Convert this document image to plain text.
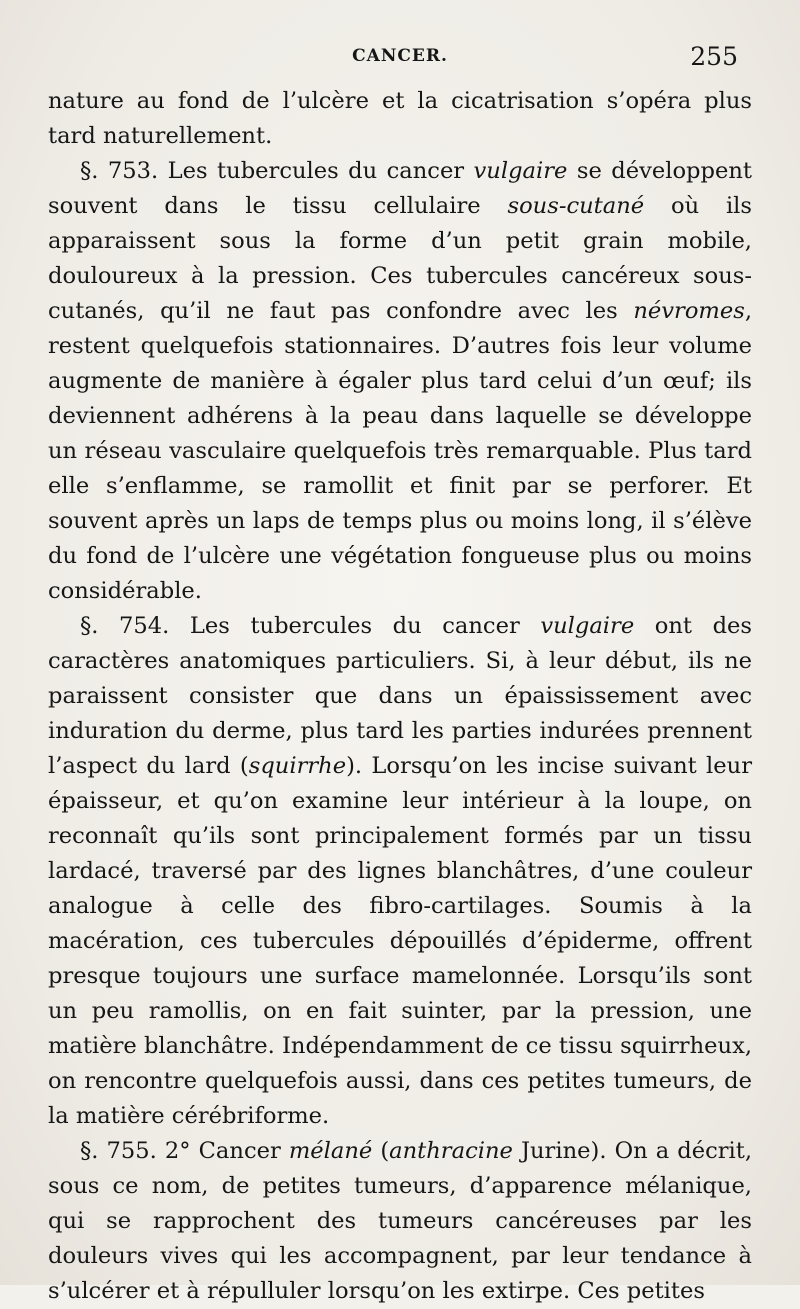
CANCER.	255

nature au fond de l’ulcère et la cicatrisation s’opéra plus tard naturellement.

§. 753. Les tubercules du cancer vulgaire se développent souvent dans le tissu cellulaire sous-cutané où ils apparaissent sous la forme d’un petit grain mobile, douloureux à la pression. Ces tubercules cancéreux sous-cutanés, qu’il ne faut pas confondre avec les névromes, restent quelquefois stationnaires. D’autres fois leur volume augmente de manière à égaler plus tard celui d’un œuf; ils deviennent adhérens à la peau dans laquelle se développe un réseau vasculaire quelquefois très remarquable. Plus tard elle s’enflamme, se ramollit et finit par se perforer. Et souvent après un laps de temps plus ou moins long, il s’élève du fond de l’ulcère une végétation fongueuse plus ou moins considérable.

§. 754. Les tubercules du cancer vulgaire ont des caractères anatomiques particuliers. Si, à leur début, ils ne paraissent consister que dans un épaississement avec induration du derme, plus tard les parties indurées prennent l’aspect du lard (squirrhe). Lorsqu’on les incise suivant leur épaisseur, et qu’on examine leur intérieur à la loupe, on reconnaît qu’ils sont principalement formés par un tissu lardacé, traversé par des lignes blanchâtres, d’une couleur analogue à celle des fibro-cartilages. Soumis à la macération, ces tubercules dépouillés d’épiderme, offrent presque toujours une surface mamelonnée. Lorsqu’ils sont un peu ramollis, on en fait suinter, par la pression, une matière blanchâtre. Indépendamment de ce tissu squirrheux, on rencontre quelquefois aussi, dans ces petites tumeurs, de la matière cérébriforme.

§. 755. 2° Cancer mélané (anthracine Jurine). On a décrit, sous ce nom, de petites tumeurs, d’apparence mélanique, qui se rapprochent des tumeurs cancéreuses par les douleurs vives qui les accompagnent, par leur tendance à s’ulcérer et à répulluler lorsqu’on les extirpe. Ces petites
